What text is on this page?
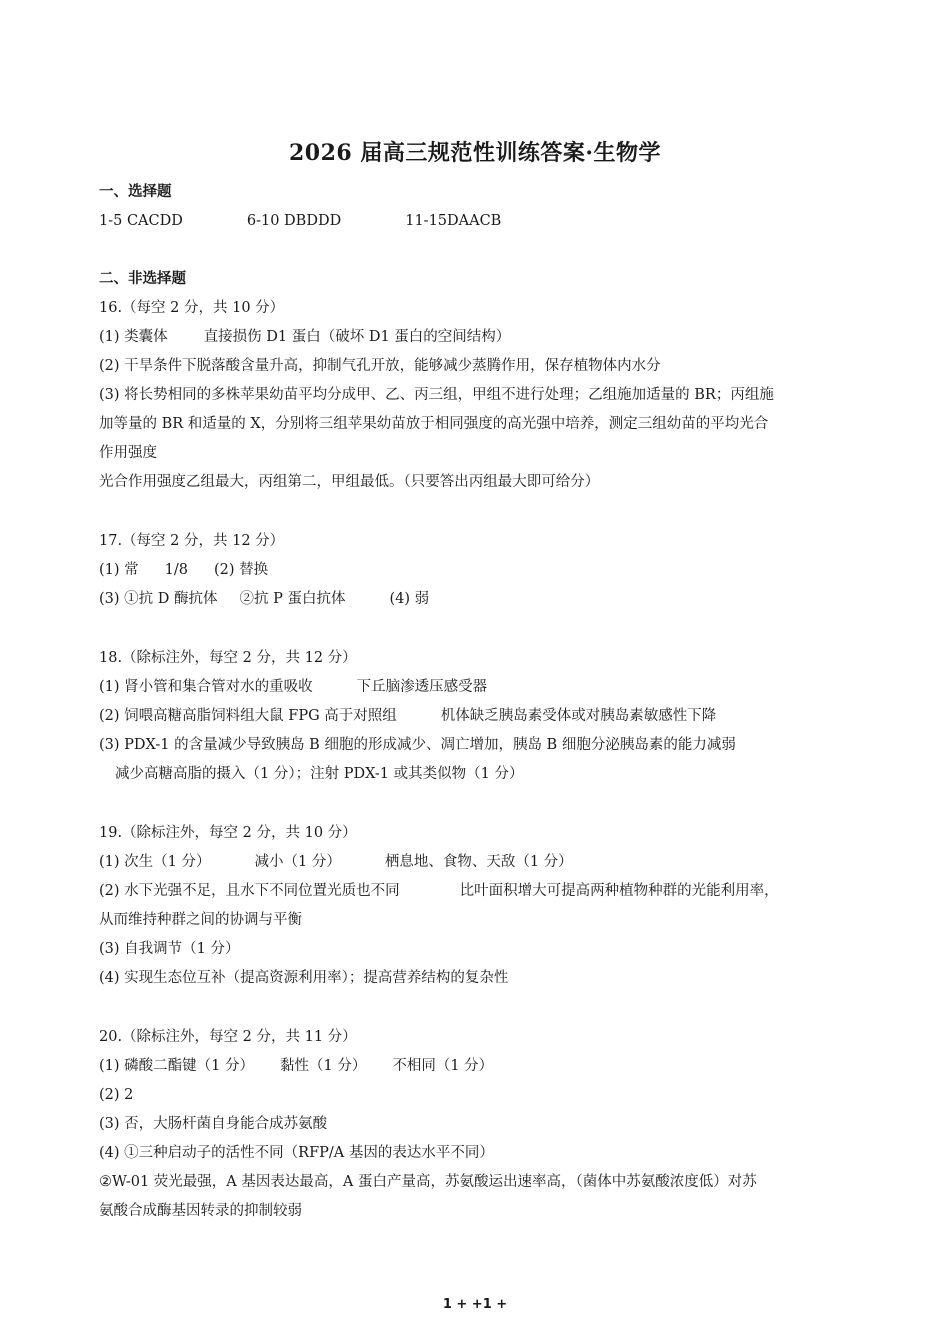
2026 届高三规范性训练答案·生物学
一、选择题
1-5 CACDD	6-10 DBDDD	11-15DAACB
二、非选择题
16.（每空 2 分，共 10 分）
(1) 类囊体 直接损伤 D1 蛋白（破坏 D1 蛋白的空间结构）
(2) 干旱条件下脱落酸含量升高，抑制气孔开放，能够减少蒸腾作用，保存植物体内水分
(3) 将长势相同的多株苹果幼苗平均分成甲、乙、丙三组，甲组不进行处理；乙组施加适量的 BR；丙组施
加等量的 BR 和适量的 X，分别将三组苹果幼苗放于相同强度的高光强中培养，测定三组幼苗的平均光合
作用强度
光合作用强度乙组最大，丙组第二，甲组最低。（只要答出丙组最大即可给分）
17.（每空 2 分，共 12 分）
(1) 常 1/8 (2) 替换
(3) ①抗 D 酶抗体 ②抗 P 蛋白抗体	(4) 弱
18.（除标注外，每空 2 分，共 12 分）
(1) 肾小管和集合管对水的重吸收	下丘脑渗透压感受器
(2) 饲喂高糖高脂饲料组大鼠 FPG 高于对照组	机体缺乏胰岛素受体或对胰岛素敏感性下降
(3) PDX-1 的含量减少导致胰岛 B 细胞的形成减少、凋亡增加，胰岛 B 细胞分泌胰岛素的能力减弱
减少高糖高脂的摄入（1 分）；注射 PDX-1 或其类似物（1 分）
19.（除标注外，每空 2 分，共 10 分）
(1) 次生（1 分）	减小（1 分）	栖息地、食物、天敌（1 分）
(2) 水下光强不足，且水下不同位置光质也不同	比叶面积增大可提高两种植物种群的光能利用率，
从而维持种群之间的协调与平衡
(3) 自我调节（1 分）
(4) 实现生态位互补（提高资源利用率）；提高营养结构的复杂性
20.（除标注外，每空 2 分，共 11 分）
(1) 磷酸二酯键（1 分） 黏性（1 分） 不相同（1 分）
(2) 2
(3) 否，大肠杆菌自身能合成苏氨酸
(4) ①三种启动子的活性不同（RFP/A 基因的表达水平不同）
②W-01 荧光最强，A 基因表达最高，A 蛋白产量高，苏氨酸运出速率高，（菌体中苏氨酸浓度低）对苏
氨酸合成酶基因转录的抑制较弱
1 + +1 +
